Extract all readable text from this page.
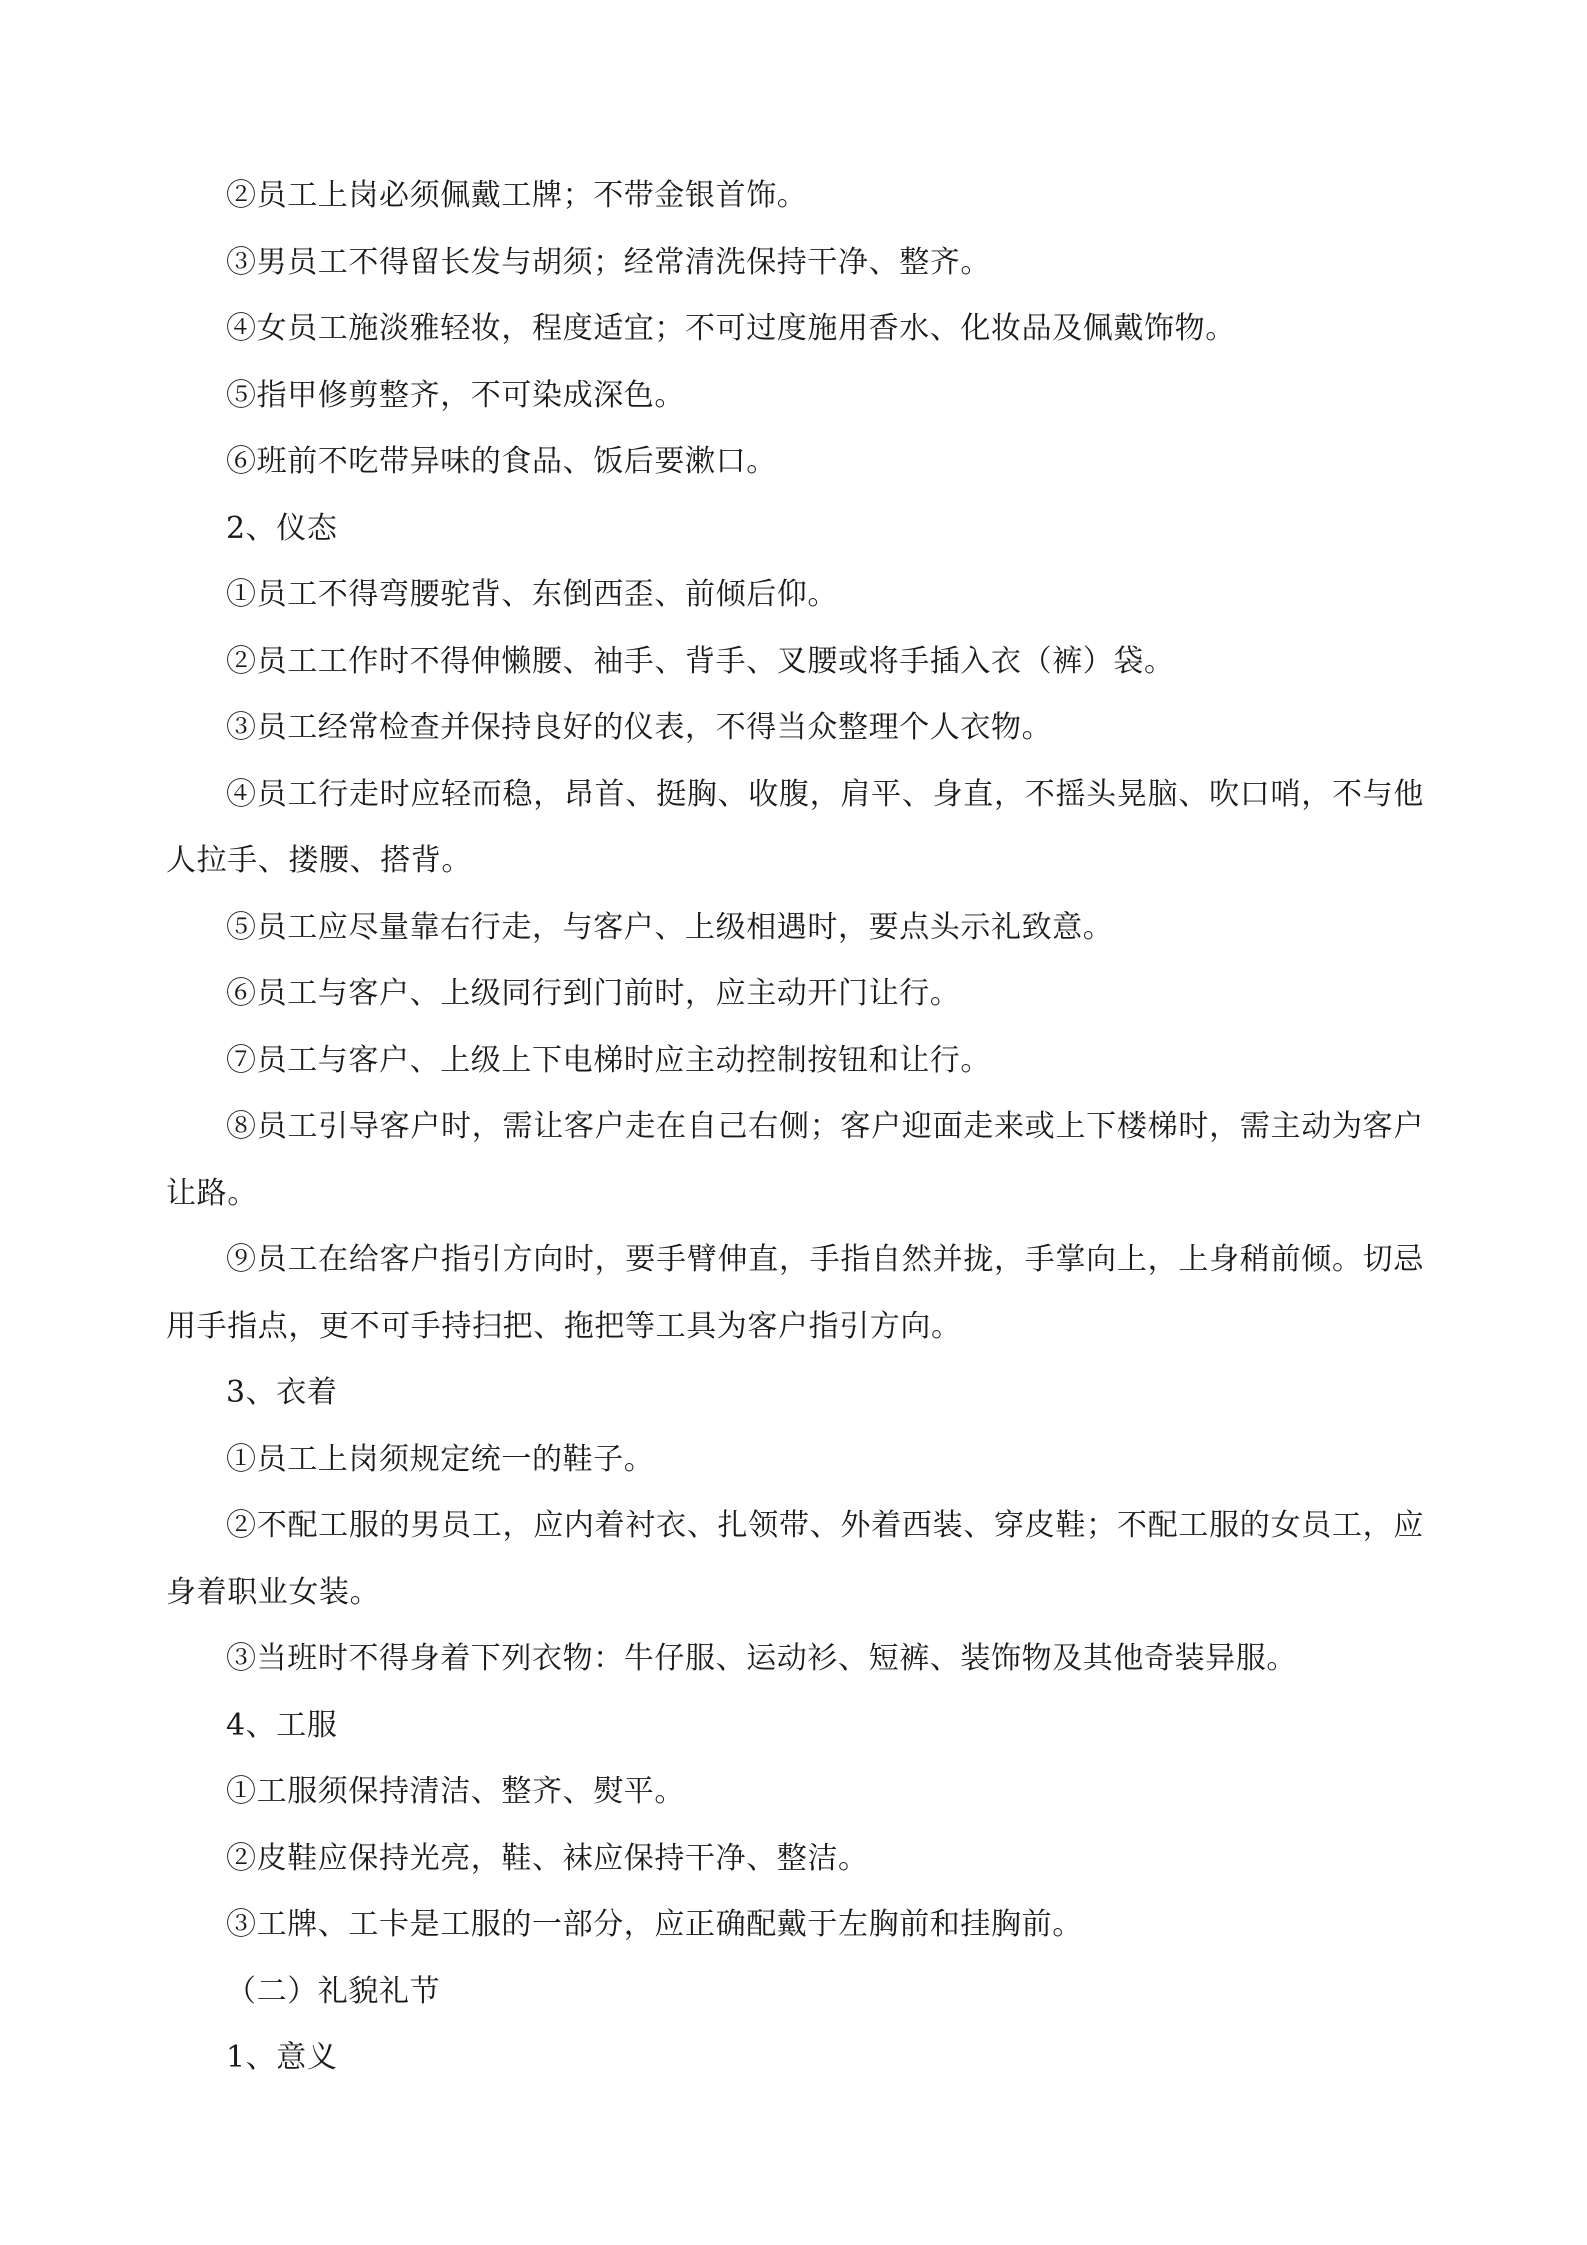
②员工上岗必须佩戴工牌；不带金银首饰。

③男员工不得留长发与胡须；经常清洗保持干净、整齐。

④女员工施淡雅轻妆，程度适宜；不可过度施用香水、化妆品及佩戴饰物。

⑤指甲修剪整齐，不可染成深色。

⑥班前不吃带异味的食品、饭后要漱口。

2、仪态

①员工不得弯腰驼背、东倒西歪、前倾后仰。

②员工工作时不得伸懒腰、袖手、背手、叉腰或将手插入衣（裤）袋。

③员工经常检查并保持良好的仪表，不得当众整理个人衣物。

④员工行走时应轻而稳，昂首、挺胸、收腹，肩平、身直，不摇头晃脑、吹口哨，不与他人拉手、搂腰、搭背。

⑤员工应尽量靠右行走，与客户、上级相遇时，要点头示礼致意。

⑥员工与客户、上级同行到门前时，应主动开门让行。

⑦员工与客户、上级上下电梯时应主动控制按钮和让行。

⑧员工引导客户时，需让客户走在自己右侧；客户迎面走来或上下楼梯时，需主动为客户让路。

⑨员工在给客户指引方向时，要手臂伸直，手指自然并拢，手掌向上，上身稍前倾。切忌用手指点，更不可手持扫把、拖把等工具为客户指引方向。

3、衣着

①员工上岗须规定统一的鞋子。

②不配工服的男员工，应内着衬衣、扎领带、外着西装、穿皮鞋；不配工服的女员工，应身着职业女装。

③当班时不得身着下列衣物：牛仔服、运动衫、短裤、装饰物及其他奇装异服。

4、工服

①工服须保持清洁、整齐、熨平。

②皮鞋应保持光亮，鞋、袜应保持干净、整洁。

③工牌、工卡是工服的一部分，应正确配戴于左胸前和挂胸前。

（二）礼貌礼节

1、意义
